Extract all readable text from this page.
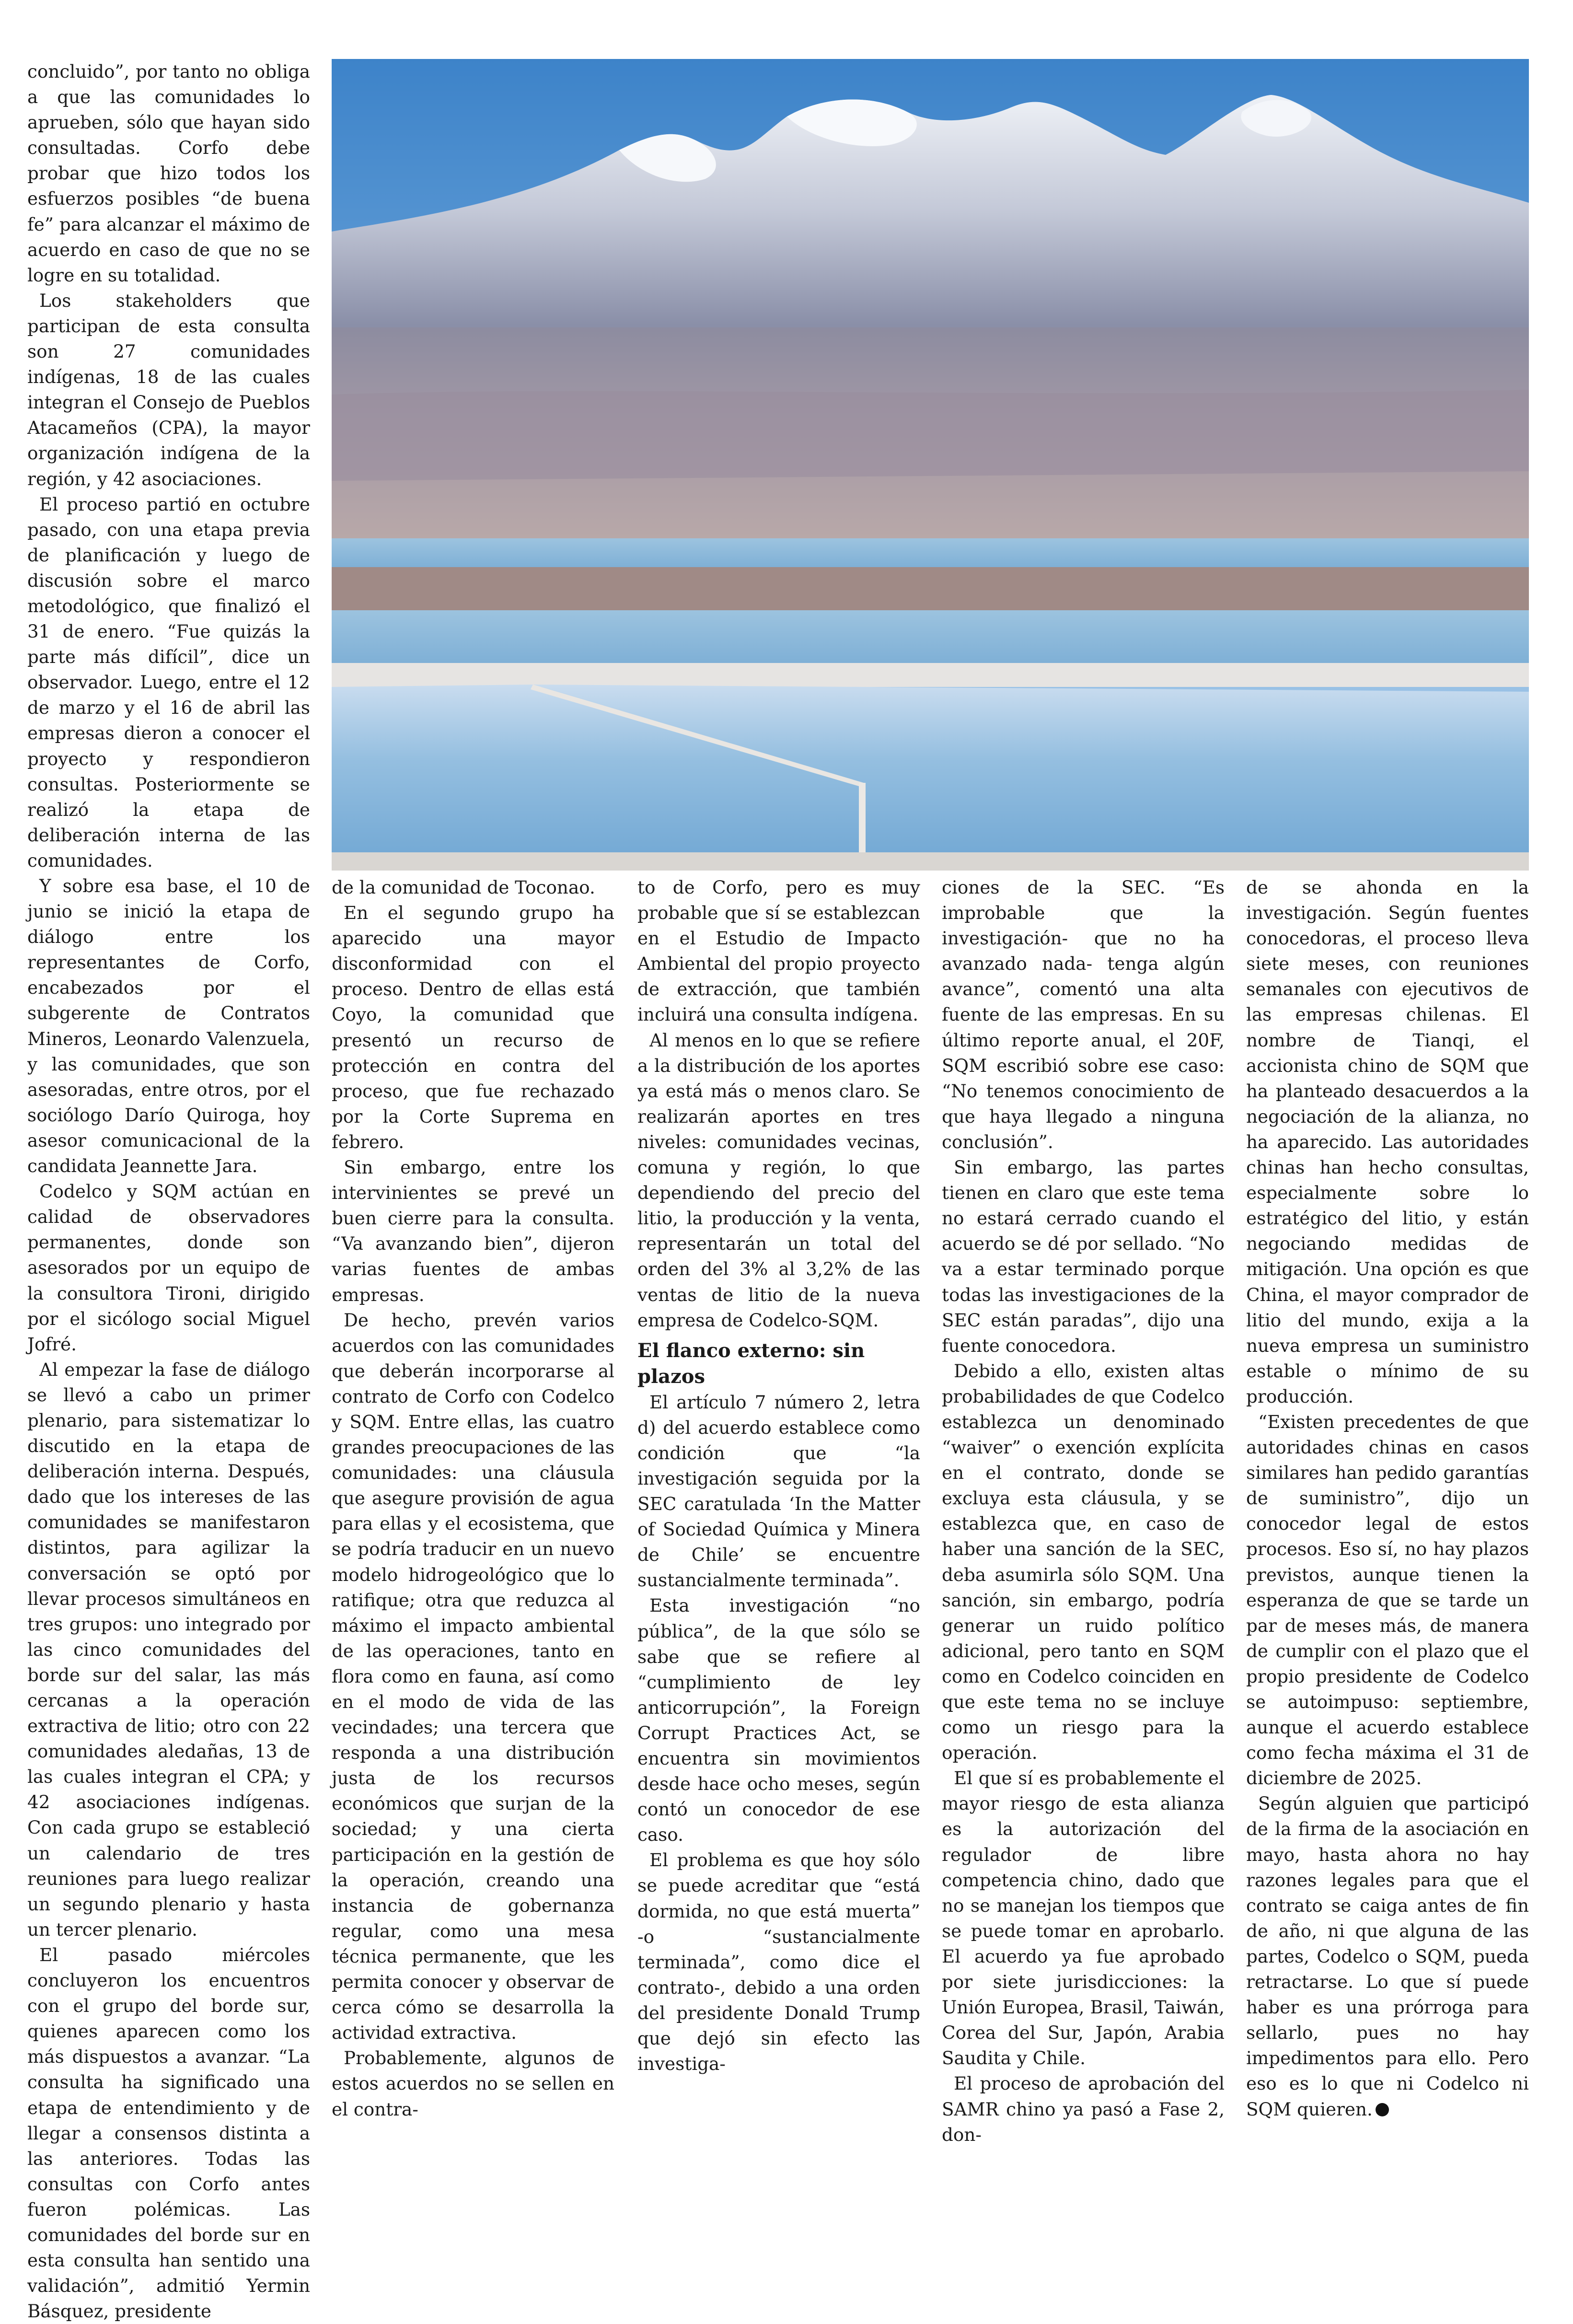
concluido”, por tanto no obliga a que las comunidades lo aprueben, sólo que hayan sido consultadas. Corfo debe probar que hizo todos los esfuerzos posibles “de buena fe” para alcanzar el máximo de acuerdo en caso de que no se logre en su totalidad.

Los stakeholders que participan de esta consulta son 27 comunidades indígenas, 18 de las cuales integran el Consejo de Pueblos Atacameños (CPA), la mayor organización indígena de la región, y 42 asociaciones.

El proceso partió en octubre pasado, con una etapa previa de planificación y luego de discusión sobre el marco metodológico, que finalizó el 31 de enero. “Fue quizás la parte más difícil”, dice un observador. Luego, entre el 12 de marzo y el 16 de abril las empresas dieron a conocer el proyecto y respondieron consultas. Posteriormente se realizó la etapa de deliberación interna de las comunidades.

Y sobre esa base, el 10 de junio se inició la etapa de diálogo entre los representantes de Corfo, encabezados por el subgerente de Contratos Mineros, Leonardo Valenzuela, y las comunidades, que son asesoradas, entre otros, por el sociólogo Darío Quiroga, hoy asesor comunicacional de la candidata Jeannette Jara.

Codelco y SQM actúan en calidad de observadores permanentes, donde son asesorados por un equipo de la consultora Tironi, dirigido por el sicólogo social Miguel Jofré.

Al empezar la fase de diálogo se llevó a cabo un primer plenario, para sistematizar lo discutido en la etapa de deliberación interna. Después, dado que los intereses de las comunidades se manifestaron distintos, para agilizar la conversación se optó por llevar procesos simultáneos en tres grupos: uno integrado por las cinco comunidades del borde sur del salar, las más cercanas a la operación extractiva de litio; otro con 22 comunidades aledañas, 13 de las cuales integran el CPA; y 42 asociaciones indígenas. Con cada grupo se estableció un calendario de tres reuniones para luego realizar un segundo plenario y hasta un tercer plenario.

El pasado miércoles concluyeron los encuentros con el grupo del borde sur, quienes aparecen como los más dispuestos a avanzar. “La consulta ha significado una etapa de entendimiento y de llegar a consensos distinta a las anteriores. Todas las consultas con Corfo antes fueron polémicas. Las comunidades del borde sur en esta consulta han sentido una validación”, admitió Yermin Básquez, presidente

de la comunidad de Toconao.

En el segundo grupo ha aparecido una mayor disconformidad con el proceso. Dentro de ellas está Coyo, la comunidad que presentó un recurso de protección en contra del proceso, que fue rechazado por la Corte Suprema en febrero.

Sin embargo, entre los intervinientes se prevé un buen cierre para la consulta. “Va avanzando bien”, dijeron varias fuentes de ambas empresas.

De hecho, prevén varios acuerdos con las comunidades que deberán incorporarse al contrato de Corfo con Codelco y SQM. Entre ellas, las cuatro grandes preocupaciones de las comunidades: una cláusula que asegure provisión de agua para ellas y el ecosistema, que se podría traducir en un nuevo modelo hidrogeológico que lo ratifique; otra que reduzca al máximo el impacto ambiental de las operaciones, tanto en flora como en fauna, así como en el modo de vida de las vecindades; una tercera que responda a una distribución justa de los recursos económicos que surjan de la sociedad; y una cierta participación en la gestión de la operación, creando una instancia de gobernanza regular, como una mesa técnica permanente, que les permita conocer y observar de cerca cómo se desarrolla la actividad extractiva.

Probablemente, algunos de estos acuerdos no se sellen en el contra-

to de Corfo, pero es muy probable que sí se establezcan en el Estudio de Impacto Ambiental del propio proyecto de extracción, que también incluirá una consulta indígena.

Al menos en lo que se refiere a la distribución de los aportes ya está más o menos claro. Se realizarán aportes en tres niveles: comunidades vecinas, comuna y región, lo que dependiendo del precio del litio, la producción y la venta, representarán un total del orden del 3% al 3,2% de las ventas de litio de la nueva empresa de Codelco-SQM.

El flanco externo: sin plazos

El artículo 7 número 2, letra d) del acuerdo establece como condición que “la investigación seguida por la SEC caratulada ‘In the Matter of Sociedad Química y Minera de Chile’ se encuentre sustancialmente terminada”.

Esta investigación “no pública”, de la que sólo se sabe que se refiere al “cumplimiento de ley anticorrupción”, la Foreign Corrupt Practices Act, se encuentra sin movimientos desde hace ocho meses, según contó un conocedor de ese caso.

El problema es que hoy sólo se puede acreditar que “está dormida, no que está muerta” -o “sustancialmente terminada”, como dice el contrato-, debido a una orden del presidente Donald Trump que dejó sin efecto las investiga-

ciones de la SEC. “Es improbable que la investigación- que no ha avanzado nada- tenga algún avance”, comentó una alta fuente de las empresas. En su último reporte anual, el 20F, SQM escribió sobre ese caso: “No tenemos conocimiento de que haya llegado a ninguna conclusión”.

Sin embargo, las partes tienen en claro que este tema no estará cerrado cuando el acuerdo se dé por sellado. “No va a estar terminado porque todas las investigaciones de la SEC están paradas”, dijo una fuente conocedora.

Debido a ello, existen altas probabilidades de que Codelco establezca un denominado “waiver” o exención explícita en el contrato, donde se excluya esta cláusula, y se establezca que, en caso de haber una sanción de la SEC, deba asumirla sólo SQM. Una sanción, sin embargo, podría generar un ruido político adicional, pero tanto en SQM como en Codelco coinciden en que este tema no se incluye como un riesgo para la operación.

El que sí es probablemente el mayor riesgo de esta alianza es la autorización del regulador de libre competencia chino, dado que no se manejan los tiempos que se puede tomar en aprobarlo. El acuerdo ya fue aprobado por siete jurisdicciones: la Unión Europea, Brasil, Taiwán, Corea del Sur, Japón, Arabia Saudita y Chile.

El proceso de aprobación del SAMR chino ya pasó a Fase 2, don-

de se ahonda en la investigación. Según fuentes conocedoras, el proceso lleva siete meses, con reuniones semanales con ejecutivos de las empresas chilenas. El nombre de Tianqi, el accionista chino de SQM que ha planteado desacuerdos a la negociación de la alianza, no ha aparecido. Las autoridades chinas han hecho consultas, especialmente sobre lo estratégico del litio, y están negociando medidas de mitigación. Una opción es que China, el mayor comprador de litio del mundo, exija a la nueva empresa un suministro estable o mínimo de su producción.

“Existen precedentes de que autoridades chinas en casos similares han pedido garantías de suministro”, dijo un conocedor legal de estos procesos. Eso sí, no hay plazos previstos, aunque tienen la esperanza de que se tarde un par de meses más, de manera de cumplir con el plazo que el propio presidente de Codelco se autoimpuso: septiembre, aunque el acuerdo establece como fecha máxima el 31 de diciembre de 2025.

Según alguien que participó de la firma de la asociación en mayo, hasta ahora no hay razones legales para que el contrato se caiga antes de fin de año, ni que alguna de las partes, Codelco o SQM, pueda retractarse. Lo que sí puede haber es una prórroga para sellarlo, pues no hay impedimentos para ello. Pero eso es lo que ni Codelco ni SQM quieren.
